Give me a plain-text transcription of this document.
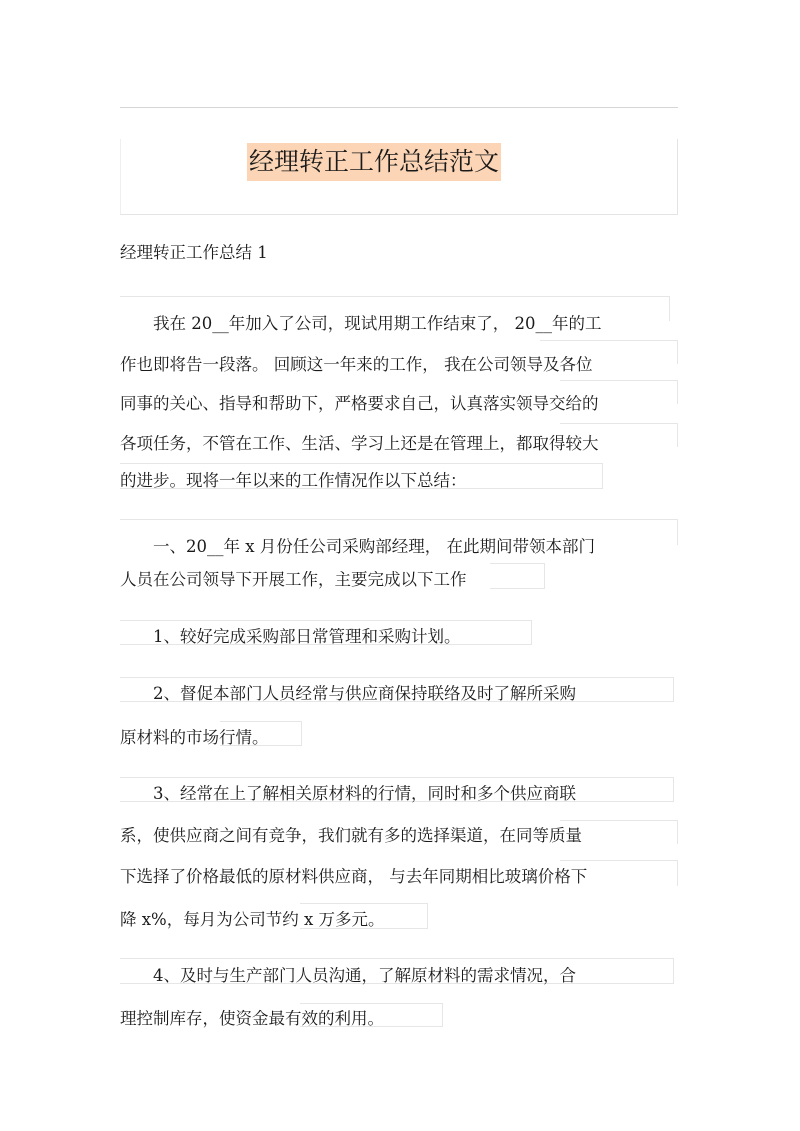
经理转正工作总结范文
经理转正工作总结 1
　　我在 20__年加入了公司，现试用期工作结束了， 20__年的工
作也即将告一段落。 回顾这一年来的工作， 我在公司领导及各位
同事的关心、指导和帮助下，严格要求自己，认真落实领导交给的
各项任务，不管在工作、生活、学习上还是在管理上，都取得较大
的进步。现将一年以来的工作情况作以下总结：
　　一、20__年 x 月份任公司采购部经理， 在此期间带领本部门
人员在公司领导下开展工作，主要完成以下工作
　　1、较好完成采购部日常管理和采购计划。
　　2、督促本部门人员经常与供应商保持联络及时了解所采购
原材料的市场行情。
　　3、经常在上了解相关原材料的行情，同时和多个供应商联
系，使供应商之间有竞争，我们就有多的选择渠道，在同等质量
下选择了价格最低的原材料供应商， 与去年同期相比玻璃价格下
降 x%，每月为公司节约 x 万多元。
　　4、及时与生产部门人员沟通，了解原材料的需求情况，合
理控制库存，使资金最有效的利用。
